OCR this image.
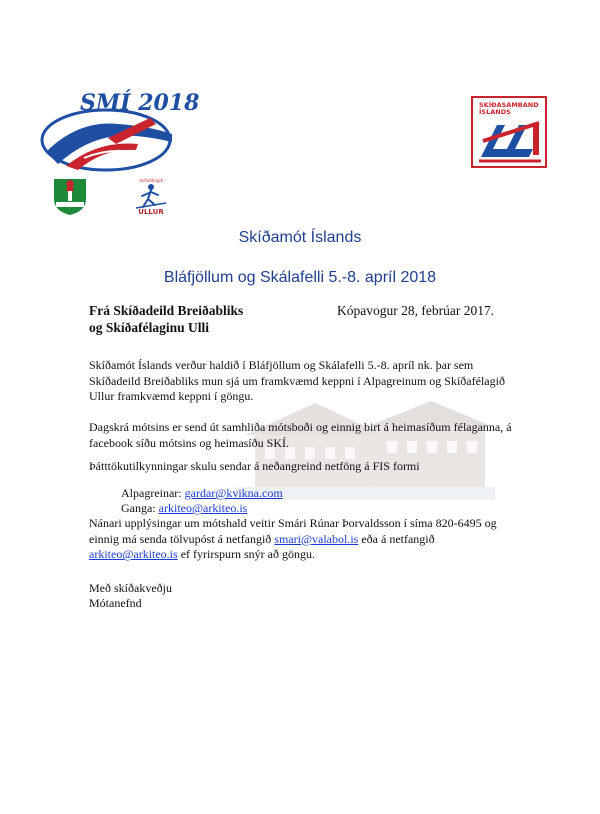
SMÍ 2018
skíðafélagið
ULLUR
SKÍÐASAMBAND
ÍSLANDS
Skíðamót Íslands
Bláfjöllum og Skálafelli 5.-8. apríl 2018
Frá Skíðadeild Breiðabliks
og Skíðafélaginu Ulli
Kópavogur 28, febrúar 2017.
Skíðamót Íslands verður haldið í Bláfjöllum og Skálafelli 5.-8. apríl nk. þar sem
Skíðadeild Breiðabliks mun sjá um framkvæmd keppni í Alpagreinum og Skíðafélagið
Ullur framkvæmd keppni í göngu.
Dagskrá mótsins er send út samhliða mótsboði og einnig birt á heimasíðum félaganna, á
facebook síðu mótsins og heimasíðu SKÍ.
Þátttökutilkynningar skulu sendar á neðangreind netföng á FIS formi
Alpagreinar: gardar@kvikna.com
Ganga: arkiteo@arkiteo.is
Nánari upplýsingar um mótshald veitir Smári Rúnar Þorvaldsson í síma 820-6495 og
einnig má senda tölvupóst á netfangið smari@valabol.is eða á netfangið
arkiteo@arkiteo.is ef fyrirspurn snýr að göngu.
Með skíðakveðju
Mótanefnd
